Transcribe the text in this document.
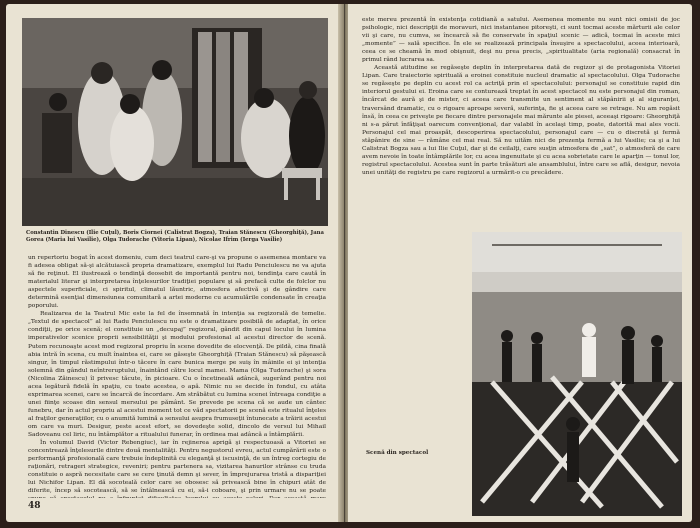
Constantin Dinescu (Ilie Cuţul), Boris Ciornei (Calistrat Bogza), Traian Stănescu (Gheorghiţă), Jana Gorea (Maria lui Vasilie), Olga Tudorache (Vitoria Lipan), Nicolae Ifrim (Ierga Vasilie)

un repertoriu bogat în acest domeniu, cum deci teatrul care-şi va propune o asemenea montare va fi adesea obligat să-şi alcătuiască propria dramatizare, exemplul lui Radu Penciulescu ne va ajuta să fie reţinut. El ilustrează o tendinţă deosebit de importantă pentru noi, tendinţa care caută în materialul literar şi interpretarea înţelesurilor tradiţiei populare şi să prefacă culte de folclor nu aspectele superficiale, ci spiritul, climatul lăuntric, atmosfera afectivă şi de gândire care determină esenţial dimensiunea comunitară a artei moderne cu acumulările condensate în creaţia poporului.

Realizarea de la Teatrul Mic este la fel de însemnată în intenţia sa regizorală de temelie. „Textul de spectacol” al lui Radu Penciulescu nu este o dramatizare posibilă de adaptat, în orice condiţii, pe orice scenă; el constituie un „decupaj” regizoral, gândit din capul locului în lumina imperativelor scenice proprii sensibilităţii şi modului profesional al acestui director de scenă. Putem recunoaşte acest mod regizoral propriu în scene dovedite de elocvenţă. De pildă, cina finală abia intră în scena, cu mult înaintea ei, care se găseşte Gheorghiţă (Traian Stănescu) să păşească singur, în timpul răstimpului într-o tăcere în care bunica merge pe suiş în mâinile ei şi intenţia solemnă din gândul neîntreruptului, înaintând către locul mamei. Mama (Olga Tudorache) şi sora (Nicolina Zăinescu) îl privesc tăcute, în picioare. Cu o încetineală adâncă, sugerând pentru noi acea legătură fidelă în spaţiu, cu toate acestea, o apă. Nimic nu se decide în fondul, cu atâta exprimarea scenei, care se încarcă de încordare. Am străbătut cu lumina scenei întreaga condiţie a unei fiinţe scoase din sensul mersului pe pământ. Se prevede pe scena că se aude un cântec funebru, dar în actul propriu al acestui moment tot ce văd spectatorii pe scenă este ritualul înţeles al fraţilor generaţiilor, cu o anumită lumină a sensului asupra frumuseţii întunecate a trăirii acestui om care va muri. Desigur, peste acest efort, se dovedeşte solid, dincolo de versul lui Mihail Sadoveanu cel liric, nu întâmplător a ritualului funerar, în ordinea mai adâncă a întâmplării.

În volumul David (Victor Rebengiuc), iar în rejinerea aprigă şi respectuoasă a Vitoriei se concentrează înţelesurile dintre două mentalităţi. Pentru negustorul evreu, actul cumpărării este o performanţă profesională care trebuie îndeplinită cu eleganţă şi iscusinţă, de un întreg cortegiu de raţionări, retrageri strategice, reveniri; pentru partenera sa, vizitarea hanurilor strânse cu truda constituie o aspră necesitate care se cere ţinută demn şi sever, în împrejurarea tristă a dispariţiei lui Nichifor Lipan. El dă socoteală celor care se obosesc să privească bine în chipuri atât de diferite, încep să socotească, să se întâlnească cu ei, să-i coboare, şi prin urmare nu se poate

48

este mereu prezentă în existenţa cotidiană a satului. Asemenea momente nu sunt nici omisii de joc psihologic, nici descripţii de moravuri, nici instantanee pitoreşti, ci sunt tocmai aceste mărturii ale celor vii şi care, nu cumva, se încearcă să fie conservate în spaţiul scenic — adică, tocmai în aceste mici „momente” — sală specifice. În ele se realizează principala însuşire a spectacolului, aceea interioară, ceea ce se cheamă în mod obişnuit, deşi nu prea precis, „spiritualitate (aria regională) consacrat în primul rând lucrarea sa.

Această atitudine se regăseşte deplin în interpretarea dată de regizor şi de protagonista Vitoriei Lipan. Care traiectorie spirituală a eroinei constituie nucleul dramatic al spectacolului. Olga Tudorache se regăseşte pe deplin cu acest rol ca actriţă prin el spectacolului: personajul se constituie rapid din interiorul gestului ei. Eroina care se conturează treptat în acest spectacol nu este personajul din roman, încărcat de aură şi de mister, ci aceea care transmite un sentiment al stăpânirii şi al siguranţei, traversând dramatic, cu o rigoare aproape severă, suferinţa, fie şi aceea care se retrage. Nu am regăsit însă, în ceea ce priveşte pe fiecare dintre personajele mai mărunte ale piesei, aceeaşi rigoare: Gheorghiţă ni s-a părut înfăţişat oarecum convenţional, dar valabil în acelaşi timp, poate, datorită mai ales vocii. Personajul cel mai proaspăt, descoperirea spectacolului, personajul care — cu o discretă şi fermă stăpânire de sine — rămâne cel mai real. Să nu uităm nici de prezenţa fermă a lui Vasilie; ca şi a lui Calistrat Bogza sau a lui Ilie Cuţul, dar şi de ceilalţi, care susţin atmosfera de „sat”, o atmosferă de care avem nevoie în toate întâmplările lor, cu acea ingenuitate şi cu acea sobrietate care le aparţin — tonul lor, registrul spectacolului. Acestea sunt în parte trăsături ale ansamblului, între care se află, desigur, nevoia unei unităţi de registru pe care regizorul a urmărit-o cu precădere.

Scenă din spectacol
